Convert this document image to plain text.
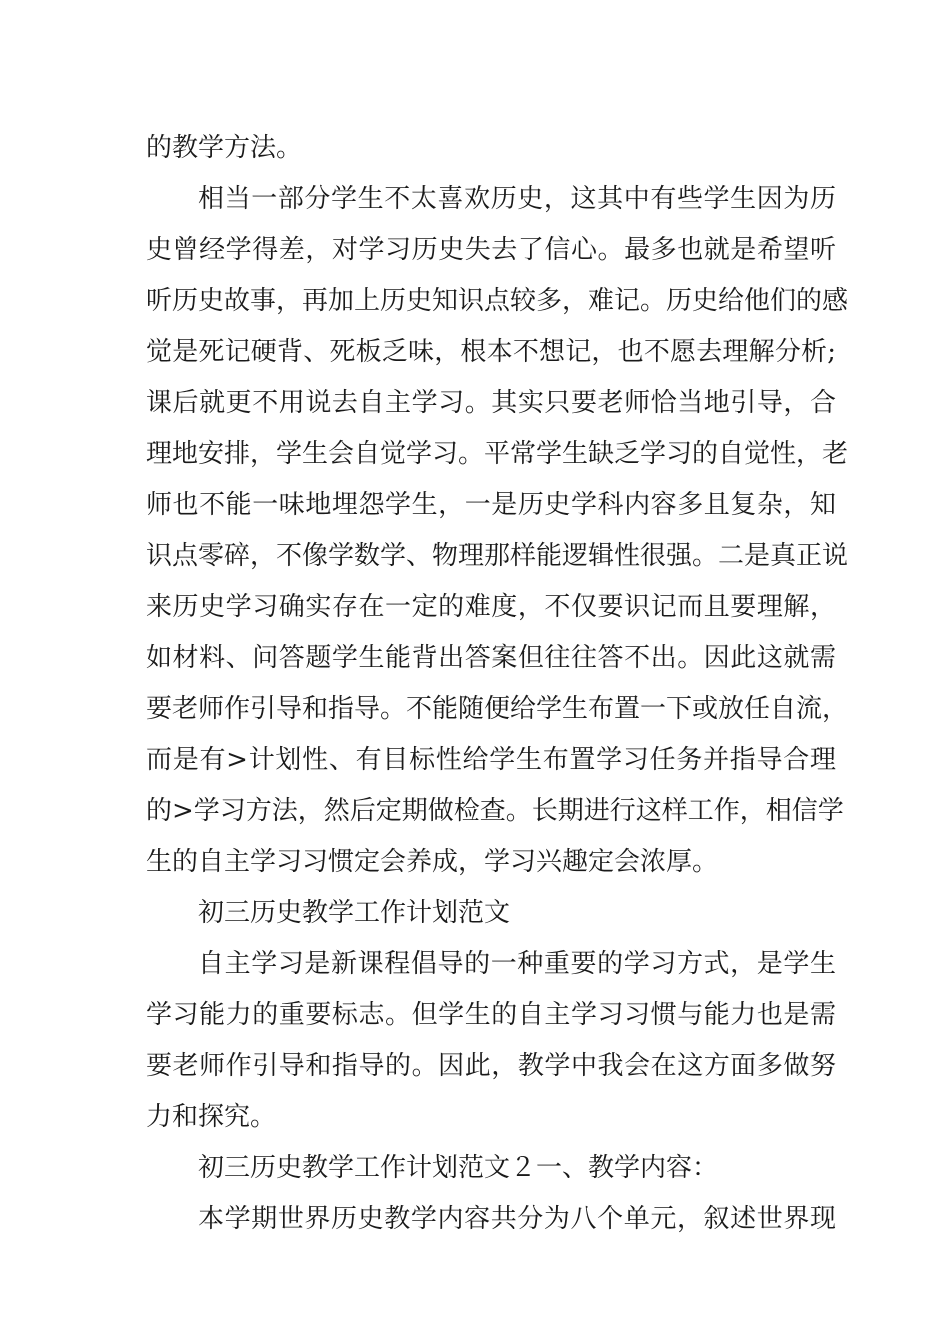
的教学方法。
相当一部分学生不太喜欢历史，这其中有些学生因为历
史曾经学得差，对学习历史失去了信心。最多也就是希望听
听历史故事，再加上历史知识点较多，难记。历史给他们的感
觉是死记硬背、死板乏味，根本不想记，也不愿去理解分析;
课后就更不用说去自主学习。其实只要老师恰当地引导，合
理地安排，学生会自觉学习。平常学生缺乏学习的自觉性，老
师也不能一味地埋怨学生，一是历史学科内容多且复杂，知
识点零碎，不像学数学、物理那样能逻辑性很强。二是真正说
来历史学习确实存在一定的难度，不仅要识记而且要理解，
如材料、问答题学生能背出答案但往往答不出。因此这就需
要老师作引导和指导。不能随便给学生布置一下或放任自流，
而是有>计划性、有目标性给学生布置学习任务并指导合理
的>学习方法，然后定期做检查。长期进行这样工作，相信学
生的自主学习习惯定会养成，学习兴趣定会浓厚。
初三历史教学工作计划范文
自主学习是新课程倡导的一种重要的学习方式，是学生
学习能力的重要标志。但学生的自主学习习惯与能力也是需
要老师作引导和指导的。因此，教学中我会在这方面多做努
力和探究。
初三历史教学工作计划范文２一、教学内容：
本学期世界历史教学内容共分为八个单元，叙述世界现
